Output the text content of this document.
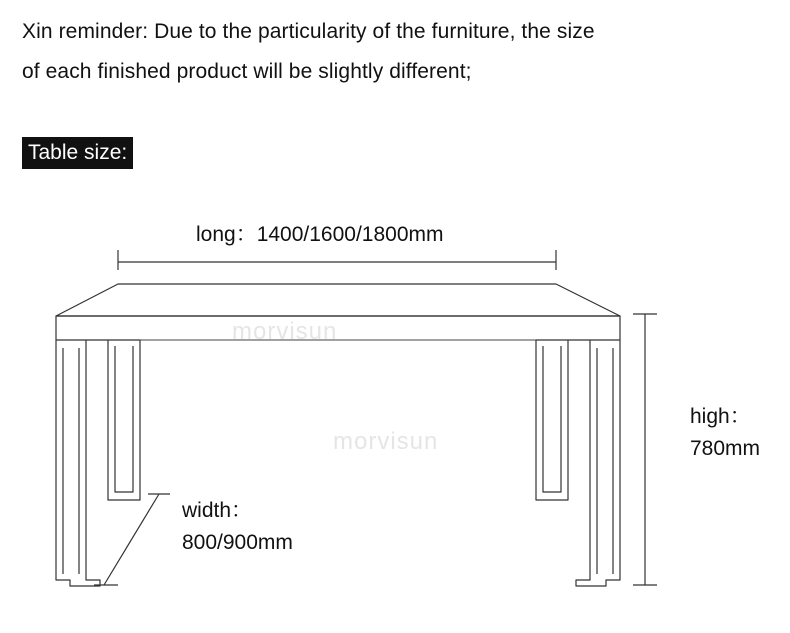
Xin reminder: Due to the particularity of the furniture, the size
of each finished product will be slightly different;
Table size:
morvisun
morvisun
long：1400/1600/1800mm
high：
780mm
width：
800/900mm
